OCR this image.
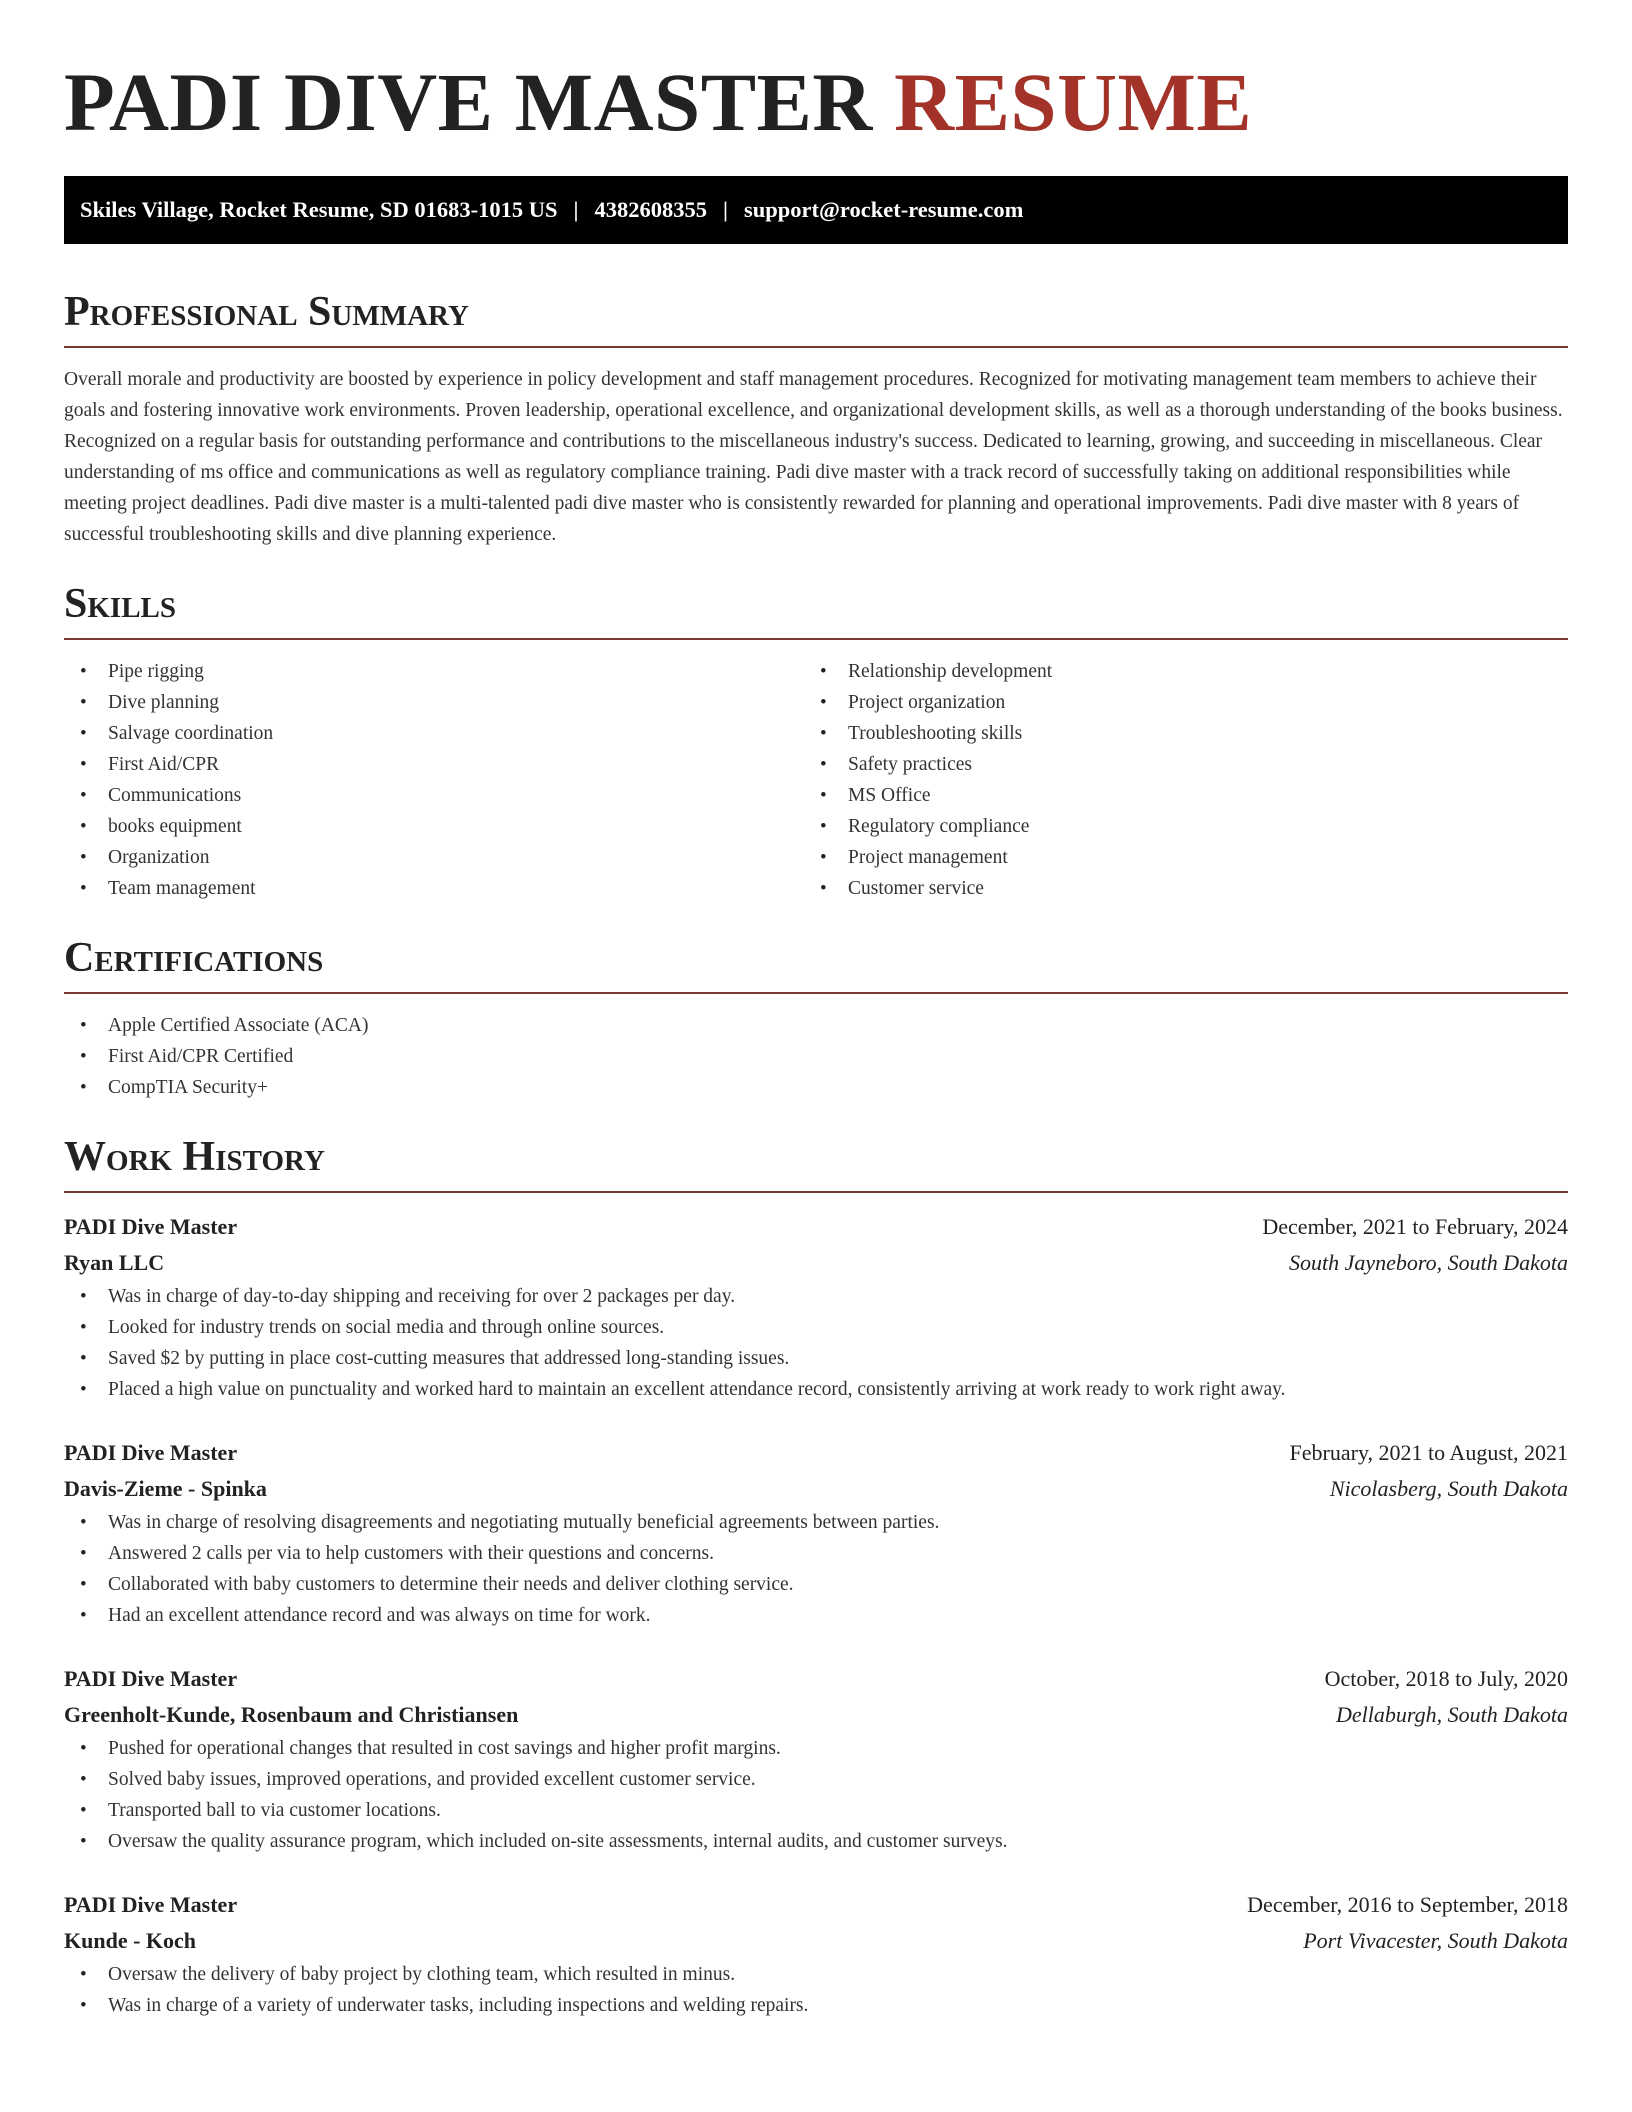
PADI DIVE MASTER RESUME
Skiles Village, Rocket Resume, SD 01683-1015 US | 4382608355 | support@rocket-resume.com
Professional Summary

Overall morale and productivity are boosted by experience in policy development and staff management procedures. Recognized for motivating management team members to achieve their goals and fostering innovative work environments. Proven leadership, operational excellence, and organizational development skills, as well as a thorough understanding of the books business. Recognized on a regular basis for outstanding performance and contributions to the miscellaneous industry's success. Dedicated to learning, growing, and succeeding in miscellaneous. Clear understanding of ms office and communications as well as regulatory compliance training. Padi dive master with a track record of successfully taking on additional responsibilities while meeting project deadlines. Padi dive master is a multi-talented padi dive master who is consistently rewarded for planning and operational improvements. Padi dive master with 8 years of successful troubleshooting skills and dive planning experience.

Skills
• Pipe rigging
• Dive planning
• Salvage coordination
• First Aid/CPR
• Communications
• books equipment
• Organization
• Team management
• Relationship development
• Project organization
• Troubleshooting skills
• Safety practices
• MS Office
• Regulatory compliance
• Project management
• Customer service
Certifications
• Apple Certified Associate (ACA)
• First Aid/CPR Certified
• CompTIA Security+
Work History
PADI Dive Master	December, 2021 to February, 2024
Ryan LLC	South Jayneboro, South Dakota
• Was in charge of day-to-day shipping and receiving for over 2 packages per day.
• Looked for industry trends on social media and through online sources.
• Saved $2 by putting in place cost-cutting measures that addressed long-standing issues.
• Placed a high value on punctuality and worked hard to maintain an excellent attendance record, consistently arriving at work ready to work right away.
PADI Dive Master	February, 2021 to August, 2021
Davis-Zieme - Spinka	Nicolasberg, South Dakota
• Was in charge of resolving disagreements and negotiating mutually beneficial agreements between parties.
• Answered 2 calls per via to help customers with their questions and concerns.
• Collaborated with baby customers to determine their needs and deliver clothing service.
• Had an excellent attendance record and was always on time for work.
PADI Dive Master	October, 2018 to July, 2020
Greenholt-Kunde, Rosenbaum and Christiansen	Dellaburgh, South Dakota
• Pushed for operational changes that resulted in cost savings and higher profit margins.
• Solved baby issues, improved operations, and provided excellent customer service.
• Transported ball to via customer locations.
• Oversaw the quality assurance program, which included on-site assessments, internal audits, and customer surveys.
PADI Dive Master	December, 2016 to September, 2018
Kunde - Koch	Port Vivacester, South Dakota
• Oversaw the delivery of baby project by clothing team, which resulted in minus.
• Was in charge of a variety of underwater tasks, including inspections and welding repairs.
